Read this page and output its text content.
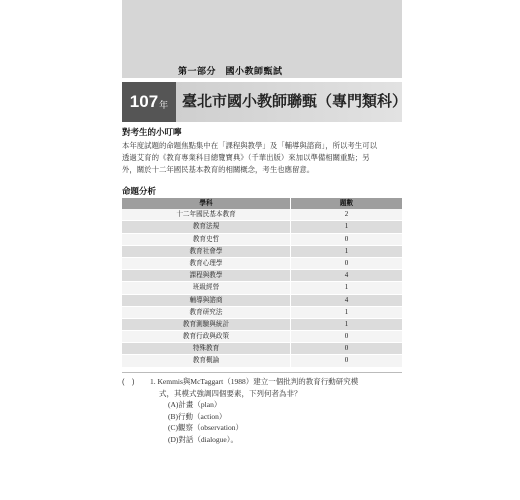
第一部分　國小教師甄試
107 年 臺北市國小教師聯甄（專門類科）
對考生的小叮嚀
本年度試題的命題焦點集中在「課程與教學」及「輔導與諮商」，所以考生可以
透過艾育的《教育專業科目總覽寶典》（千華出版）來加以準備相關重點；另
外，關於十二年國民基本教育的相關概念，考生也應留意。
命題分析
學科	題數
十二年國民基本教育	2
教育法規	1
教育史哲	0
教育社會學	1
教育心理學	0
課程與教學	4
班級經營	1
輔導與諮商	4
教育研究法	1
教育測驗與統計	1
教育行政與政策	0
特殊教育	0
教育概論	0
(　) 1. Kemmis與McTaggart（1988）建立一個批判的教育行動研究模
式，其模式強調四個要素，下列何者為非？
(A)計畫（plan）
(B)行動（action）
(C)觀察（observation）
(D)對話（dialogue）。
